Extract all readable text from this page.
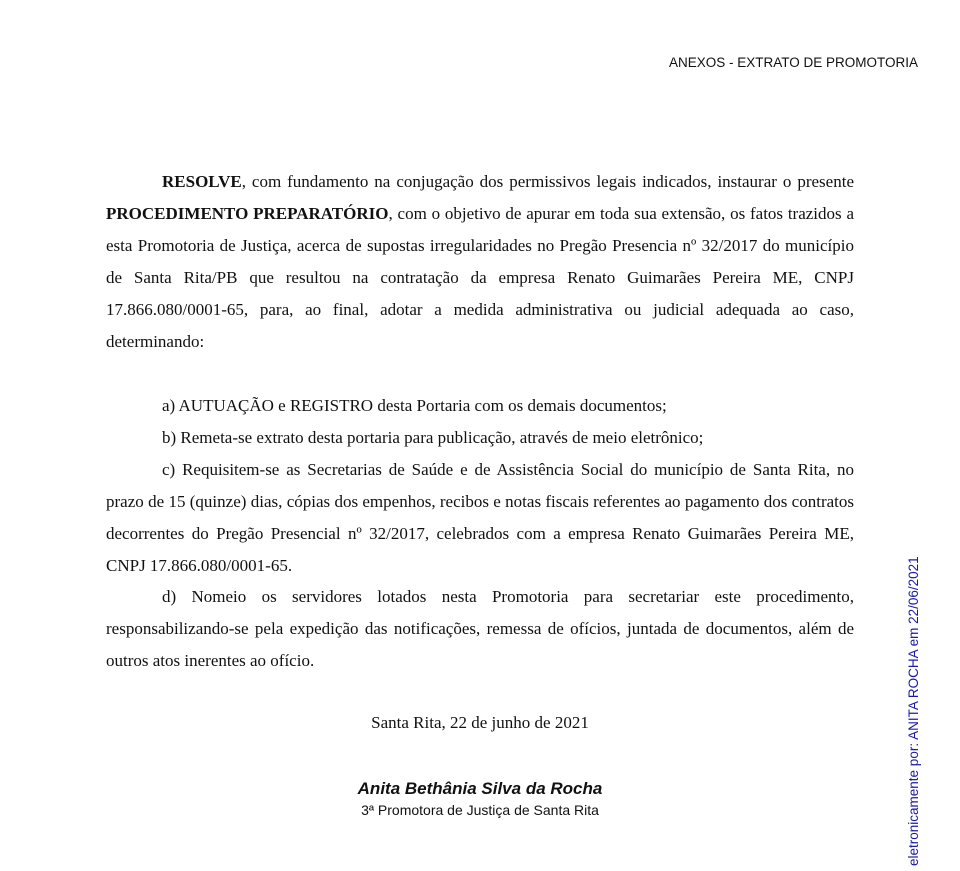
ANEXOS - EXTRATO DE PROMOTORIA

RESOLVE, com fundamento na conjugação dos permissivos legais indicados, instaurar o presente PROCEDIMENTO PREPARATÓRIO, com o objetivo de apurar em toda sua extensão, os fatos trazidos a esta Promotoria de Justiça, acerca de supostas irregularidades no Pregão Presencia nº 32/2017 do município de Santa Rita/PB que resultou na contratação da empresa Renato Guimarães Pereira ME, CNPJ 17.866.080/0001-65, para, ao final, adotar a medida administrativa ou judicial adequada ao caso, determinando:

a) AUTUAÇÃO e REGISTRO desta Portaria com os demais documentos;

b) Remeta-se extrato desta portaria para publicação, através de meio eletrônico;

c) Requisitem-se as Secretarias de Saúde e de Assistência Social do município de Santa Rita, no prazo de 15 (quinze) dias, cópias dos empenhos, recibos e notas fiscais referentes ao pagamento dos contratos decorrentes do Pregão Presencial nº 32/2017, celebrados com a empresa Renato Guimarães Pereira ME, CNPJ 17.866.080/0001-65.

d) Nomeio os servidores lotados nesta Promotoria para secretariar este procedimento, responsabilizando-se pela expedição das notificações, remessa de ofícios, juntada de documentos, além de outros atos inerentes ao ofício.

Santa Rita, 22 de junho de 2021
Anita Bethânia Silva da Rocha
3ª Promotora de Justiça de Santa Rita	eletronicamente por: ANITA ROCHA em 22/06/2021
